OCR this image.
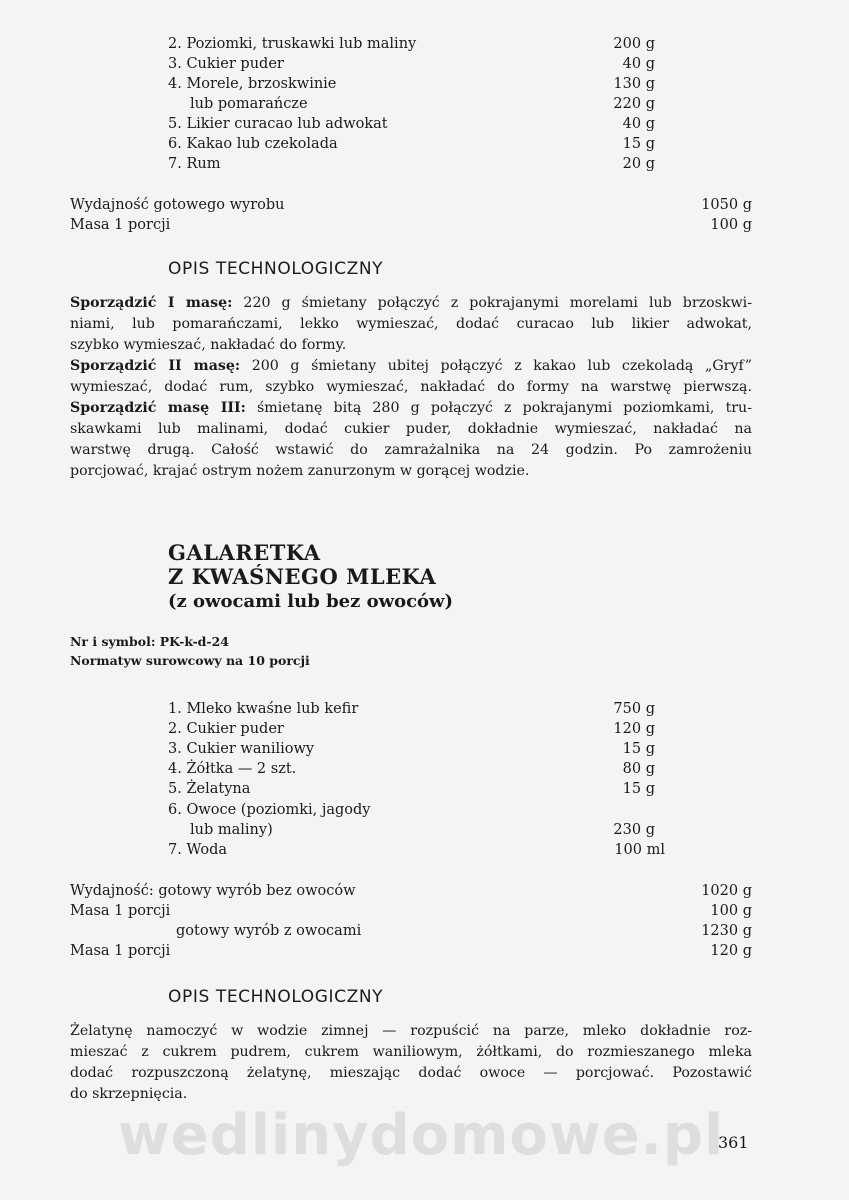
2. Poziomki, truskawki lub maliny	200 g
3. Cukier puder	40 g
4. Morele, brzoskwinie	130 g
lub pomarańcze	220 g
5. Likier curacao lub adwokat	40 g
6. Kakao lub czekolada	15 g
7. Rum	20 g
Wydajność gotowego wyrobu	1050 g
Masa 1 porcji	100 g
OPIS TECHNOLOGICZNY
Sporządzić I masę: 220 g śmietany połączyć z pokrajanymi morelami lub brzoskwi-
niami, lub pomarańczami, lekko wymieszać, dodać curacao lub likier adwokat,
szybko wymieszać, nakładać do formy.
Sporządzić II masę: 200 g śmietany ubitej połączyć z kakao lub czekoladą „Gryf”
wymieszać, dodać rum, szybko wymieszać, nakładać do formy na warstwę pierwszą.
Sporządzić masę III: śmietanę bitą 280 g połączyć z pokrajanymi poziomkami, tru-
skawkami lub malinami, dodać cukier puder, dokładnie wymieszać, nakładać na
warstwę drugą. Całość wstawić do zamrażalnika na 24 godzin. Po zamrożeniu
porcjować, krajać ostrym nożem zanurzonym w gorącej wodzie.
GALARETKA
Z KWAŚNEGO MLEKA
(z owocami lub bez owoców)
Nr i symbol: PK-k-d-24
Normatyw surowcowy na 10 porcji
1. Mleko kwaśne lub kefir	750 g
2. Cukier puder	120 g
3. Cukier waniliowy	15 g
4. Żółtka — 2 szt.	80 g
5. Żelatyna	15 g
6. Owoce (poziomki, jagody
lub maliny)	230 g
7. Woda	100 ml
Wydajność: gotowy wyrób bez owoców	1020 g
Masa 1 porcji	100 g
gotowy wyrób z owocami	1230 g
Masa 1 porcji	120 g
OPIS TECHNOLOGICZNY
Żelatynę namoczyć w wodzie zimnej — rozpuścić na parze, mleko dokładnie roz-
mieszać z cukrem pudrem, cukrem waniliowym, żółtkami, do rozmieszanego mleka
dodać rozpuszczoną żelatynę, mieszając dodać owoce — porcjować. Pozostawić
do skrzepnięcia.
wedlinydomowe.pl
361
